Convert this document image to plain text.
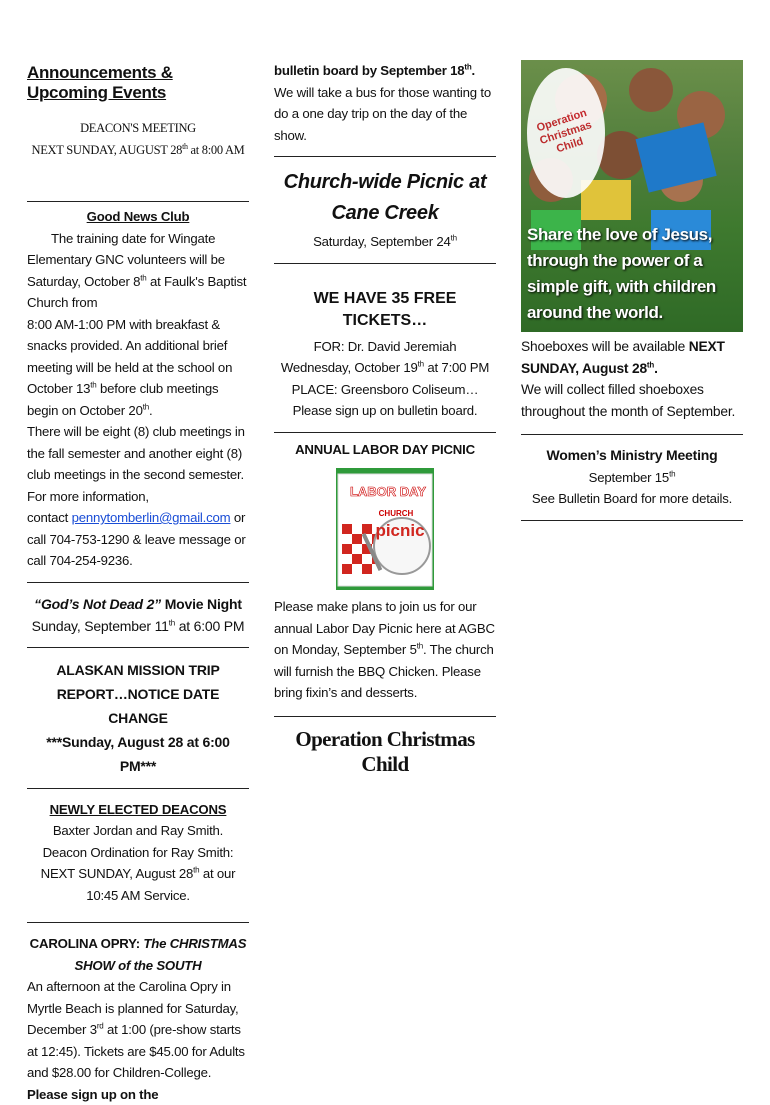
Announcements & Upcoming Events
DEACON'S MEETING
NEXT SUNDAY, AUGUST 28th at 8:00 AM
Good News Club
The training date for Wingate Elementary GNC volunteers will be Saturday, October 8th at Faulk's Baptist Church from
8:00 AM-1:00 PM with breakfast & snacks provided. An additional brief meeting will be held at the school on
October 13th before club meetings begin on October 20th.
There will be eight (8) club meetings in the fall semester and another eight (8) club meetings in the second semester.
For more information,
contact pennytomberlin@gmail.com or call 704-753-1290 & leave message or call 704-254-9236.
“God’s Not Dead 2” Movie Night
Sunday, September 11th at 6:00 PM
ALASKAN MISSION TRIP REPORT…NOTICE DATE CHANGE
***Sunday, August 28 at 6:00 PM***
NEWLY ELECTED DEACONS
Baxter Jordan and Ray Smith.
Deacon Ordination for Ray Smith:
NEXT SUNDAY, August 28th at our 10:45 AM Service.
CAROLINA OPRY: The CHRISTMAS SHOW of the SOUTH
An afternoon at the Carolina Opry in Myrtle Beach is planned for Saturday, December 3rd at 1:00 (pre-show starts at 12:45). Tickets are $45.00 for Adults and $28.00 for Children-College. Please sign up on the
bulletin board by September 18th. We will take a bus for those wanting to do a one day trip on the day of the show.
Church-wide Picnic at Cane Creek
Saturday, September 24th
WE HAVE 35 FREE TICKETS…
FOR: Dr. David Jeremiah
Wednesday, October 19th at 7:00 PM
PLACE: Greensboro Coliseum…Please sign up on bulletin board.
ANNUAL LABOR DAY PICNIC
LABOR DAY
CHURCH
picnic
Please make plans to join us for our annual Labor Day Picnic here at AGBC on Monday, September 5th. The church will furnish the BBQ Chicken. Please bring fixin’s and desserts.
Operation Christmas Child
Operation Christmas Child
Share the love of Jesus, through the power of a simple gift, with children around the world.
Shoeboxes will be available NEXT SUNDAY, August 28th.
We will collect filled shoeboxes throughout the month of September.
Women’s Ministry Meeting
September 15th
See Bulletin Board for more details.
